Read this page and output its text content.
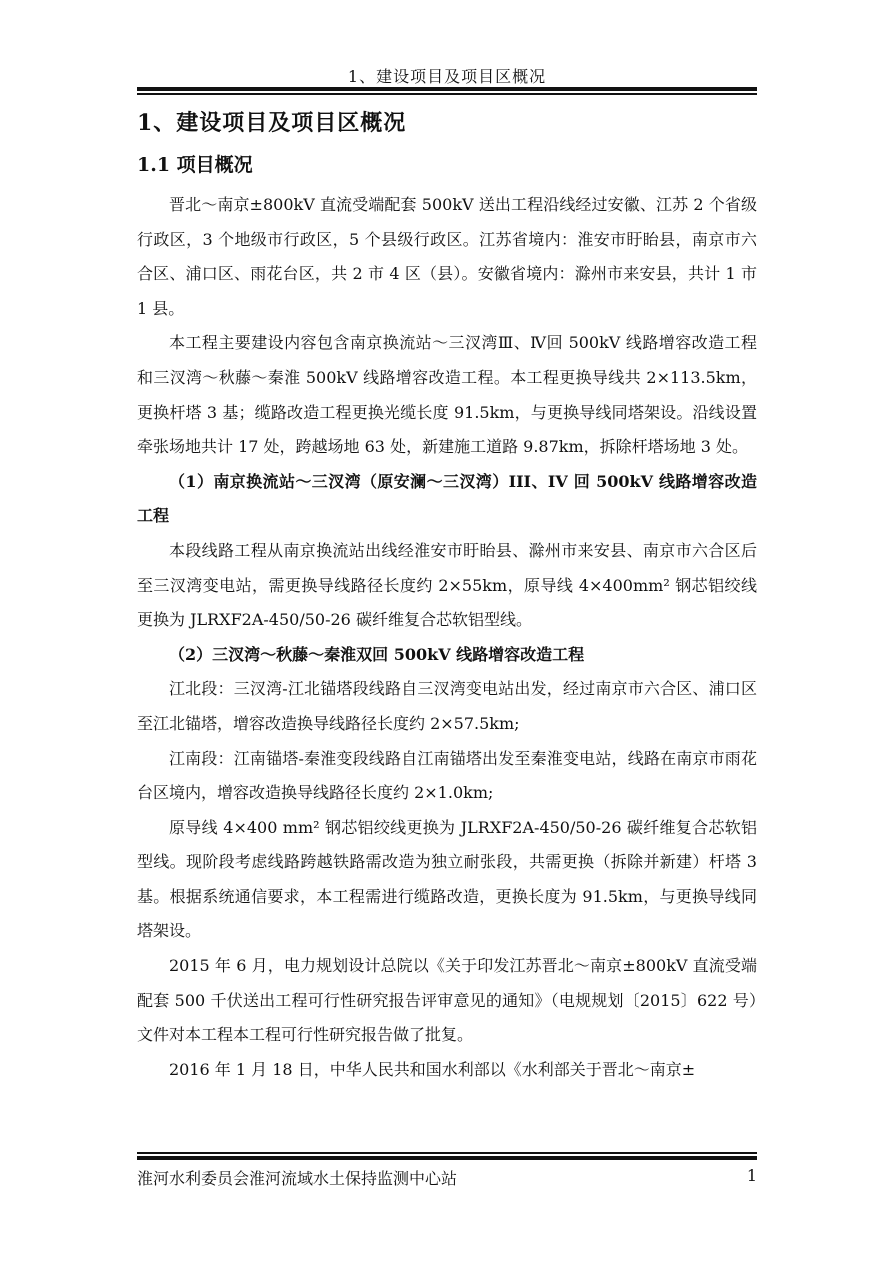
1、建设项目及项目区概况
1、建设项目及项目区概况
1.1 项目概况

晋北～南京±800kV 直流受端配套 500kV 送出工程沿线经过安徽、江苏 2 个省级行政区，3 个地级市行政区，5 个县级行政区。江苏省境内：淮安市盱眙县，南京市六合区、浦口区、雨花台区，共 2 市 4 区（县）。安徽省境内：滁州市来安县，共计 1 市 1 县。

本工程主要建设内容包含南京换流站～三汊湾Ⅲ、Ⅳ回 500kV 线路增容改造工程和三汊湾～秋藤～秦淮 500kV 线路增容改造工程。本工程更换导线共 2×113.5km，更换杆塔 3 基；缆路改造工程更换光缆长度 91.5km，与更换导线同塔架设。沿线设置牵张场地共计 17 处，跨越场地 63 处，新建施工道路 9.87km，拆除杆塔场地 3 处。

（1）南京换流站～三汊湾（原安澜～三汊湾）III、IV 回 500kV 线路增容改造工程

本段线路工程从南京换流站出线经淮安市盱眙县、滁州市来安县、南京市六合区后至三汊湾变电站，需更换导线路径长度约 2×55km，原导线 4×400mm² 钢芯铝绞线更换为 JLRXF2A-450/50-26 碳纤维复合芯软铝型线。

（2）三汊湾～秋藤～秦淮双回 500kV 线路增容改造工程

江北段：三汊湾-江北锚塔段线路自三汊湾变电站出发，经过南京市六合区、浦口区至江北锚塔，增容改造换导线路径长度约 2×57.5km;

江南段：江南锚塔-秦淮变段线路自江南锚塔出发至秦淮变电站，线路在南京市雨花台区境内，增容改造换导线路径长度约 2×1.0km;

原导线 4×400 mm² 钢芯铝绞线更换为 JLRXF2A-450/50-26 碳纤维复合芯软铝型线。现阶段考虑线路跨越铁路需改造为独立耐张段，共需更换（拆除并新建）杆塔 3 基。根据系统通信要求，本工程需进行缆路改造，更换长度为 91.5km，与更换导线同塔架设。

2015 年 6 月，电力规划设计总院以《关于印发江苏晋北～南京±800kV 直流受端配套 500 千伏送出工程可行性研究报告评审意见的通知》（电规规划〔2015〕622 号）文件对本工程本工程可行性研究报告做了批复。

2016 年 1 月 18 日，中华人民共和国水利部以《水利部关于晋北～南京±

淮河水利委员会淮河流域水土保持监测中心站	1
